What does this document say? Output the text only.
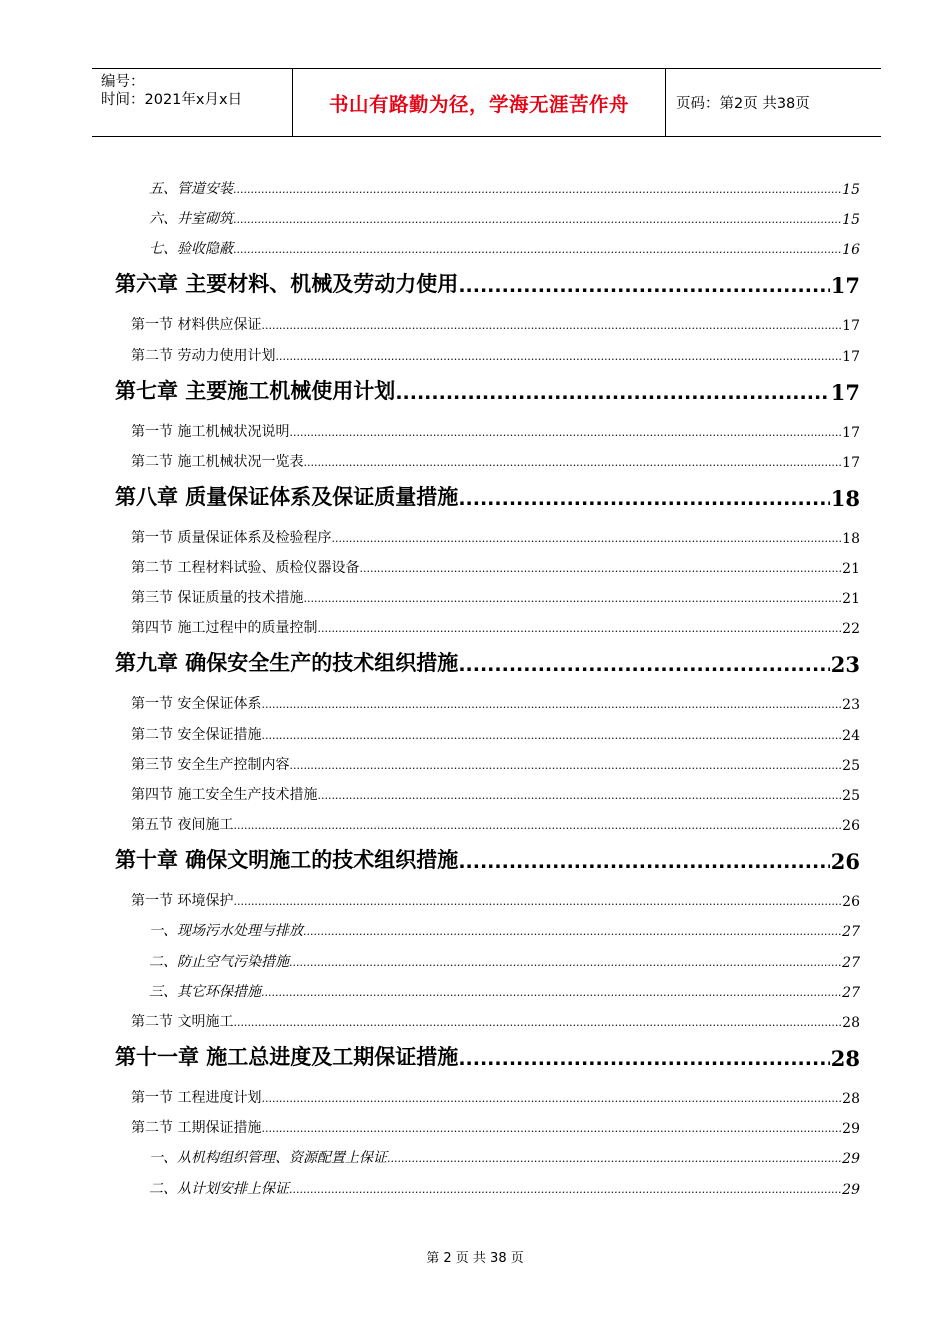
编号：
时间：2021年x月x日	书山有路勤为径，学海无涯苦作舟	页码：第2页 共38页
五、管道安装 .....	15
六、井室砌筑 .....	15
七、验收隐蔽 .....	16
第六章 主要材料、机械及劳动力使用 .....	17
第一节 材料供应保证 .....	17
第二节 劳动力使用计划 .....	17
第七章 主要施工机械使用计划 .....	17
第一节 施工机械状况说明 .....	17
第二节 施工机械状况一览表 .....	17
第八章 质量保证体系及保证质量措施 .....	18
第一节 质量保证体系及检验程序 .....	18
第二节 工程材料试验、质检仪器设备 .....	21
第三节 保证质量的技术措施 .....	21
第四节 施工过程中的质量控制 .....	22
第九章 确保安全生产的技术组织措施 .....	23
第一节 安全保证体系 .....	23
第二节 安全保证措施 .....	24
第三节 安全生产控制内容 .....	25
第四节 施工安全生产技术措施 .....	25
第五节 夜间施工 .....	26
第十章 确保文明施工的技术组织措施 .....	26
第一节 环境保护 .....	26
一、现场污水处理与排放 .....	27
二、防止空气污染措施 .....	27
三、其它环保措施 .....	27
第二节 文明施工 .....	28
第十一章 施工总进度及工期保证措施 .....	28
第一节 工程进度计划 .....	28
第二节 工期保证措施 .....	29
一、从机构组织管理、资源配置上保证 .....	29
二、从计划安排上保证 .....	29
第 2 页 共 38 页
